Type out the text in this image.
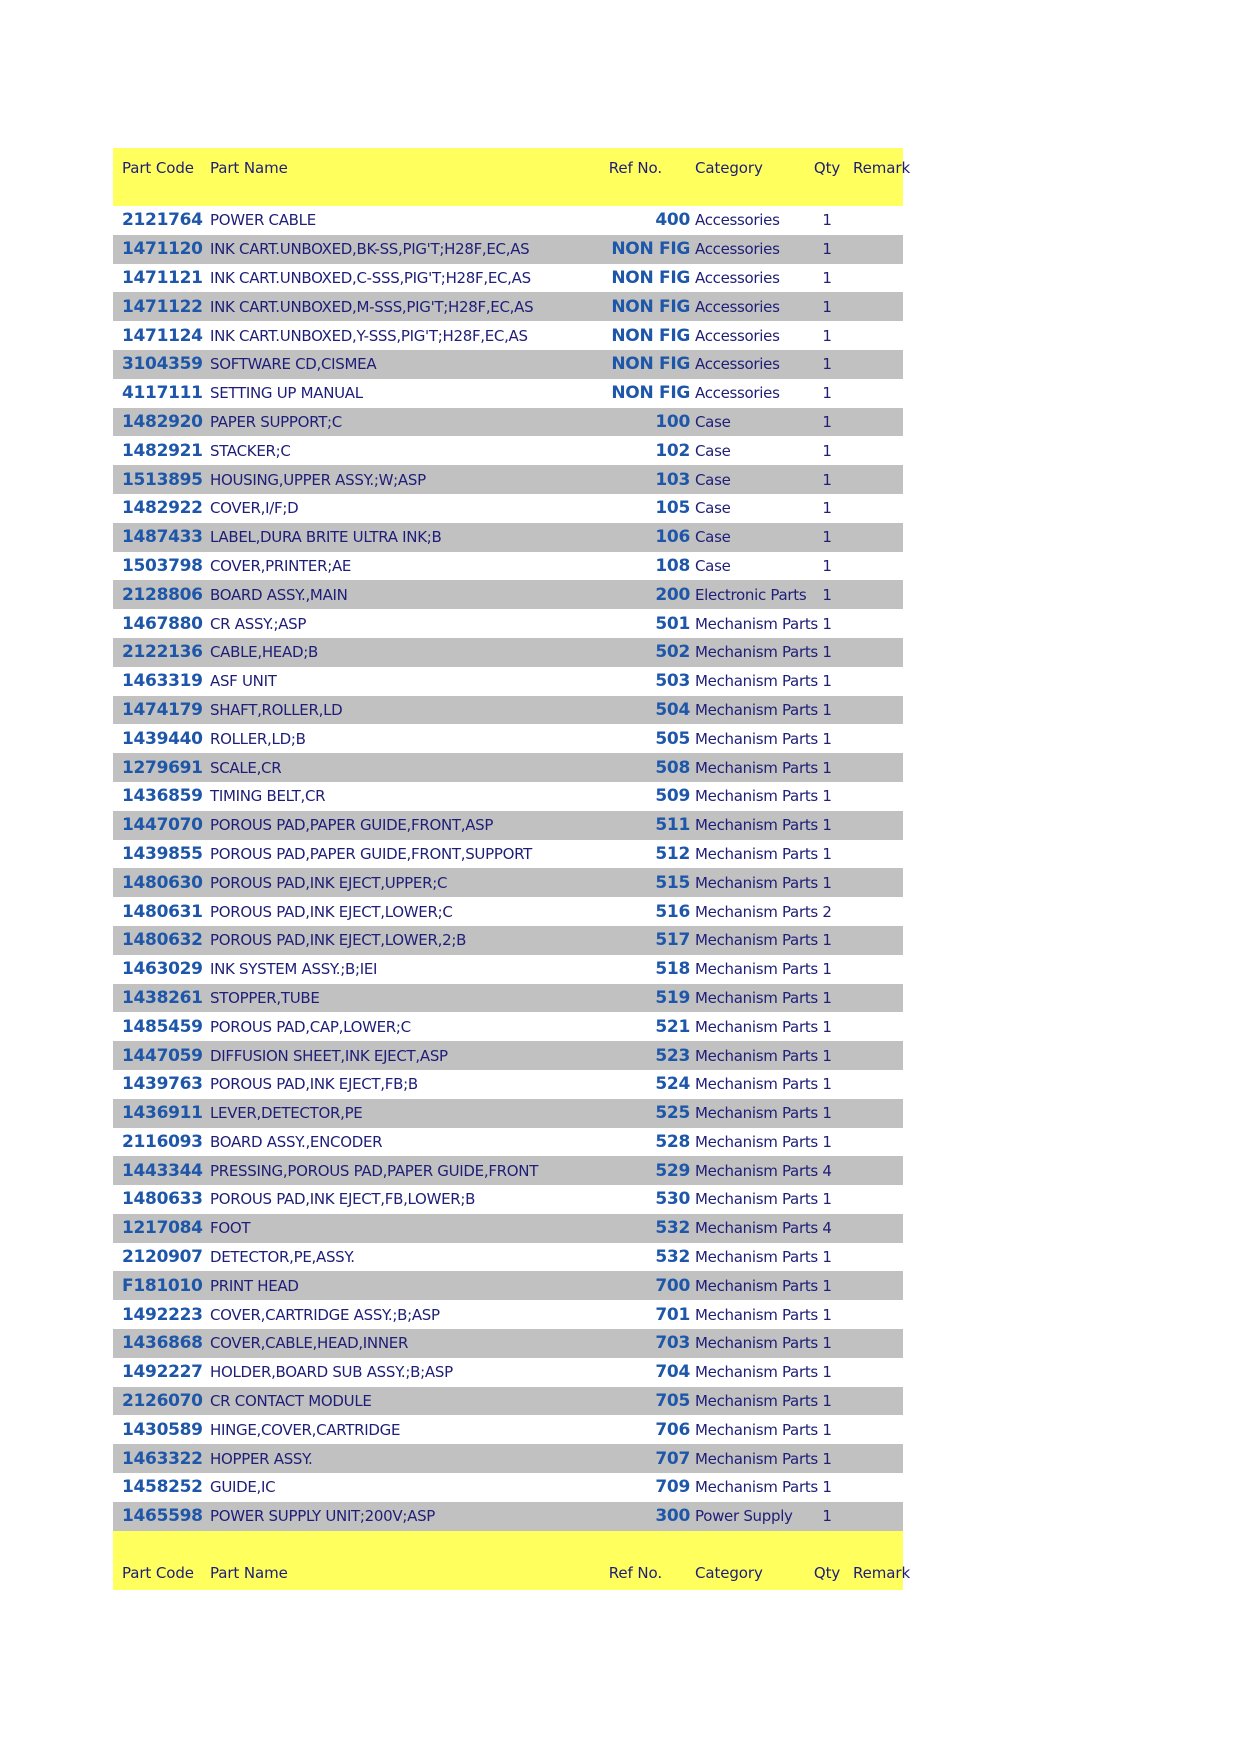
Part Code	Part Name	Ref No.	Category	Qty Remark
2121764 POWER CABLE	400 Accessories	1
1471120 INK CART.UNBOXED,BK-SS,PIG'T;H28F,EC,AS	NON FIG Accessories	1
1471121 INK CART.UNBOXED,C-SSS,PIG'T;H28F,EC,AS	NON FIG Accessories	1
1471122 INK CART.UNBOXED,M-SSS,PIG'T;H28F,EC,AS	NON FIG Accessories	1
1471124 INK CART.UNBOXED,Y-SSS,PIG'T;H28F,EC,AS	NON FIG Accessories	1
3104359 SOFTWARE CD,CISMEA	NON FIG Accessories	1
4117111 SETTING UP MANUAL	NON FIG Accessories	1
1482920 PAPER SUPPORT;C	100 Case	1
1482921 STACKER;C	102 Case	1
1513895 HOUSING,UPPER ASSY.;W;ASP	103 Case	1
1482922 COVER,I/F;D	105 Case	1
1487433 LABEL,DURA BRITE ULTRA INK;B	106 Case	1
1503798 COVER,PRINTER;AE	108 Case	1
2128806 BOARD ASSY.,MAIN	200 Electronic Parts	1
1467880 CR ASSY.;ASP	501 Mechanism Parts 1
2122136 CABLE,HEAD;B	502 Mechanism Parts 1
1463319 ASF UNIT	503 Mechanism Parts 1
1474179 SHAFT,ROLLER,LD	504 Mechanism Parts 1
1439440 ROLLER,LD;B	505 Mechanism Parts 1
1279691 SCALE,CR	508 Mechanism Parts 1
1436859 TIMING BELT,CR	509 Mechanism Parts 1
1447070 POROUS PAD,PAPER GUIDE,FRONT,ASP	511 Mechanism Parts 1
1439855 POROUS PAD,PAPER GUIDE,FRONT,SUPPORT	512 Mechanism Parts 1
1480630 POROUS PAD,INK EJECT,UPPER;C	515 Mechanism Parts 1
1480631 POROUS PAD,INK EJECT,LOWER;C	516 Mechanism Parts 2
1480632 POROUS PAD,INK EJECT,LOWER,2;B	517 Mechanism Parts 1
1463029 INK SYSTEM ASSY.;B;IEI	518 Mechanism Parts 1
1438261 STOPPER,TUBE	519 Mechanism Parts 1
1485459 POROUS PAD,CAP,LOWER;C	521 Mechanism Parts 1
1447059 DIFFUSION SHEET,INK EJECT,ASP	523 Mechanism Parts 1
1439763 POROUS PAD,INK EJECT,FB;B	524 Mechanism Parts 1
1436911 LEVER,DETECTOR,PE	525 Mechanism Parts 1
2116093 BOARD ASSY.,ENCODER	528 Mechanism Parts 1
1443344 PRESSING,POROUS PAD,PAPER GUIDE,FRONT	529 Mechanism Parts 4
1480633 POROUS PAD,INK EJECT,FB,LOWER;B	530 Mechanism Parts 1
1217084 FOOT	532 Mechanism Parts 4
2120907 DETECTOR,PE,ASSY.	532 Mechanism Parts 1
F181010 PRINT HEAD	700 Mechanism Parts 1
1492223 COVER,CARTRIDGE ASSY.;B;ASP	701 Mechanism Parts 1
1436868 COVER,CABLE,HEAD,INNER	703 Mechanism Parts 1
1492227 HOLDER,BOARD SUB ASSY.;B;ASP	704 Mechanism Parts 1
2126070 CR CONTACT MODULE	705 Mechanism Parts 1
1430589 HINGE,COVER,CARTRIDGE	706 Mechanism Parts 1
1463322 HOPPER ASSY.	707 Mechanism Parts 1
1458252 GUIDE,IC	709 Mechanism Parts 1
1465598 POWER SUPPLY UNIT;200V;ASP	300 Power Supply	1
Part Code	Part Name	Ref No.	Category	Qty Remark
